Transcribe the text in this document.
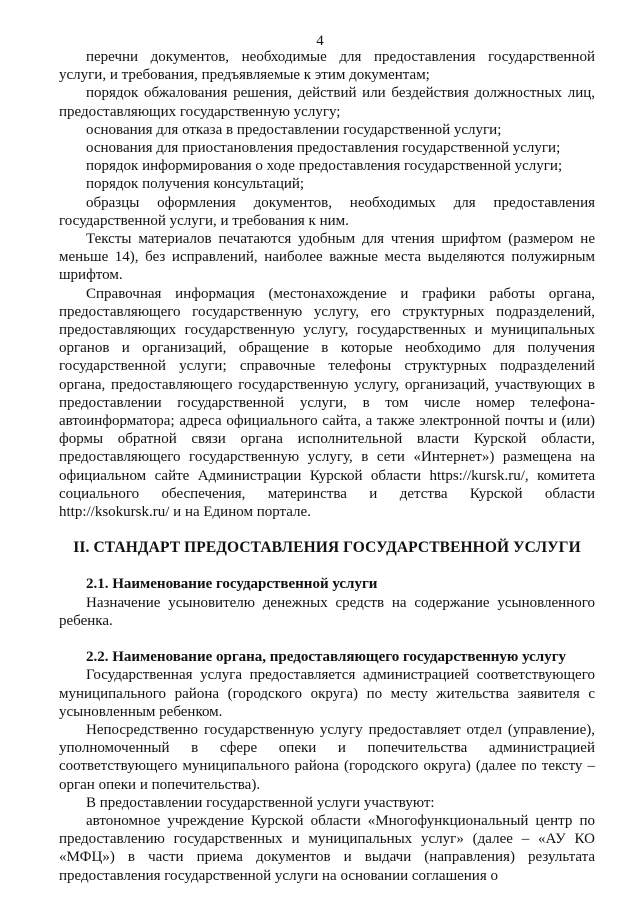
4

перечни документов, необходимые для предоставления государственной услуги, и требования, предъявляемые к этим документам;

порядок обжалования решения, действий или бездействия должностных лиц, предоставляющих государственную услугу;

основания для отказа в предоставлении государственной услуги;

основания для приостановления предоставления государственной услуги;

порядок информирования о ходе предоставления государственной услуги;

порядок получения консультаций;

образцы оформления документов, необходимых для предоставления государственной услуги, и требования к ним.

Тексты материалов печатаются удобным для чтения шрифтом (размером не меньше 14), без исправлений, наиболее важные места выделяются полужирным шрифтом.

Справочная информация (местонахождение и графики работы органа, предоставляющего государственную услугу, его структурных подразделений, предоставляющих государственную услугу, государственных и муниципальных органов и организаций, обращение в которые необходимо для получения государственной услуги; справочные телефоны структурных подразделений органа, предоставляющего государственную услугу, организаций, участвующих в предоставлении государственной услуги, в том числе номер телефона-автоинформатора; адреса официального сайта, а также электронной почты и (или) формы обратной связи органа исполнительной власти Курской области, предоставляющего государственную услугу, в сети «Интернет») размещена на официальном сайте Администрации Курской области https://kursk.ru/, комитета социального обеспечения, материнства и детства Курской области http://ksokursk.ru/ и на Едином портале.

II. СТАНДАРТ ПРЕДОСТАВЛЕНИЯ ГОСУДАРСТВЕННОЙ УСЛУГИ
2.1. Наименование государственной услуги

Назначение усыновителю денежных средств на содержание усыновленного ребенка.

2.2. Наименование органа, предоставляющего государственную услугу

Государственная услуга предоставляется администрацией соответствующего муниципального района (городского округа) по месту жительства заявителя с усыновленным ребенком.

Непосредственно государственную услугу предоставляет отдел (управление), уполномоченный в сфере опеки и попечительства администрацией соответствующего муниципального района (городского округа) (далее по тексту – орган опеки и попечительства).

В предоставлении государственной услуги участвуют:

автономное учреждение Курской области «Многофункциональный центр по предоставлению государственных и муниципальных услуг» (далее – «АУ КО «МФЦ») в части приема документов и выдачи (направления) результата предоставления государственной услуги на основании соглашения о
